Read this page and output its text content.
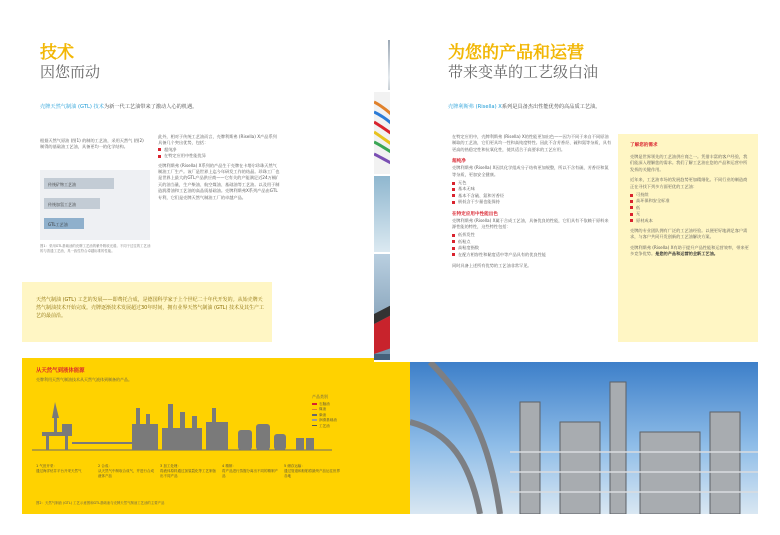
技术
因您而动
壳牌天然气制油 (GTL) 技术为新一代工艺油带来了激动人心的机遇。
根据天然气原油 (图1) 的制的工艺油，采用天然气 (图2) 制得的基础油工艺油，具备更均一的化学结构。
传统矿物工艺油
传统加氢工艺油
GTL工艺油
图1：采用GTL基础油的壳牌工艺油的紫外吸收光谱。不同于过往的工艺油的与普通工艺油，具一致性符合卓越标准的性能。
此外，相对于传统工艺油而言，壳牌利斯弗 (Risella) X产品系列具备几个突出优势，包括：
超纯净
在特定应用中性能优异
壳牌利斯弗 (Risella) X系列的产品生于壳牌在卡塔尔珍珠天然气制油工厂生产。该厂是世界上迄今年研发工作的结晶。珍珠工厂也是世界上最大的GTL产品供应商——它有关的产能满足近24万桶/天的油当量，生产柴油、航空煤油、基础油等工艺油。以及用于制造润滑油和工艺油的高品质基础油。壳牌利斯弗X系列产品由GTL专利，它们是壳牌天然气制油工厂的卓越产品。
天然气制油 (GTL) 工艺的发展——即费托合成，是德国科学家于上个世纪二十年代开发的。从始壳牌天然气制油技术开始完成。壳牌逐渐技术发展超过30年时间，拥有业界天然气制油 (GTL) 技术及其生产工艺的最前沿。
从天然气到液体能源
壳牌利用天然气制油技术从天然气液体到制备的产品。
产品类别
石脑油
煤油
柴油
润滑基础油
工艺油
1 气田开采：
通过海洋钻井平台开采天然气
2 合成：
从天然气中制取合成气，并进行合成液体产品
3 加工处理：
将液体原料通过加氢裂化等工艺制备出不同产品
4 精制：
将产品进行蒸馏分离出不同的精制产品
5 储存运输：
通过管道和船舶将最终产品运往世界各地
图2：天然气制油 (GTL) 工艺示意图和GTL基础油与壳牌天然气制油工艺油的主要产品
为您的产品和运营
带来变革的工艺级白油
壳牌利斯弗 (Risella) X系列是具备杰出性能优势的高品质工艺油。
在特定应用中，壳牌利斯弗 (Risella) X的性能更加出色——因为不同于来自不同原油制取的工艺油，它们更具均一性和高纯度特性。因此不含芳香烃、硫和氮等杂质，具有更高的热稳定性和抗氧化性，使其适合于高要求的工艺应用。
超纯净
壳牌利斯弗 (Risella) X因其化学组成分子结构更加规整，所以不含有硫、芳香烃和氮等杂质，更加安全健康。
无色
基本无味
基本不含硫、氮和芳香烃
极低含于少量也能保持
在特定应用中性能出色
壳牌利斯弗 (Risella) X属于合成工艺油，具备优良的性能，它们具有不依赖于原料来源性能的特性，这些特性包括：
低挥发性
低粘点
高粘度指数
在配方相容性和黏度适中等产品具有的优良性能
同时具备上述所有优势的工艺油非常罕见。
了解您的需求
壳牌是世界领先的工艺油供应商之一。凭借丰富的客户经验，我们能深入理解您的需求。我们了解工艺油在您的产品和运营中所发挥的关键作用。
近年来，工艺油市场的发展趋势更加精细化。不同行业的制造商正在寻找下列多方面更优的工艺油：
可持续
高环保和安全标准
低
无
原材成本
壳牌的专业团队拥有广泛的工艺油经验。以便更好地满足客户需求，与客户共同开发创新的工艺油解决方案。
壳牌利斯弗 (Risella) X有助于提升产品性能和运营效率，带来更多竞争优势。是您的产品和运营的全新工艺油。
